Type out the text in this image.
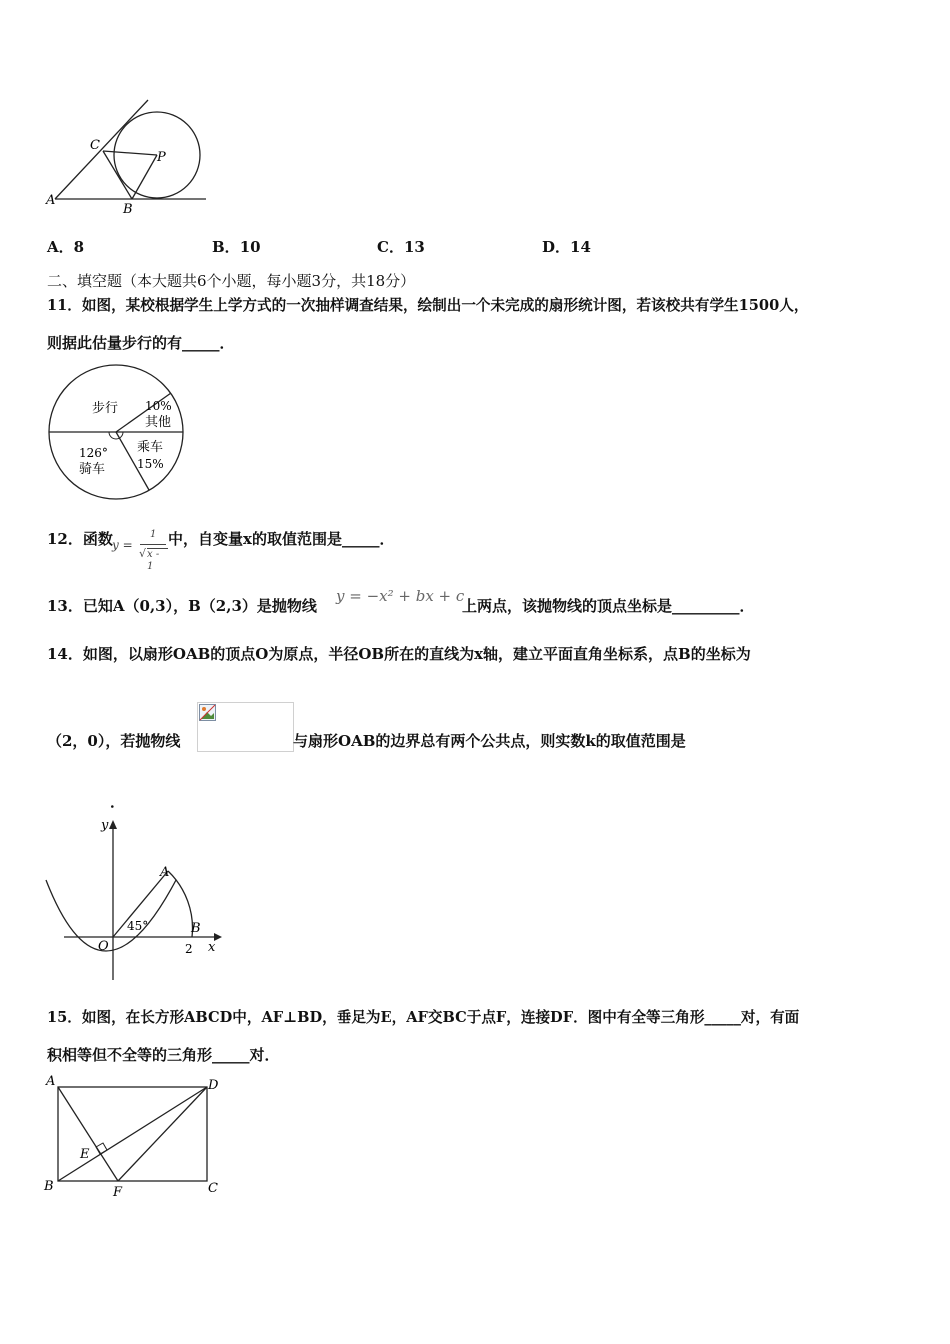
C
P
A
B
A．8	B．10	C．13	D．14
二、填空题（本大题共6个小题，每小题3分，共18分）
11．如图，某校根据学生上学方式的一次抽样调查结果，绘制出一个未完成的扇形统计图，若该校共有学生1500人，
则据此估量步行的有_____．
步行 10%
其他
乘车
15%
126°
骑车
12．函数 y =
1
√ x - 1
中，自变量x的取值范围是_____．
13．已知A（0,3），B（2,3）是抛物线
y = −x² + bx + c
上两点，该抛物线的顶点坐标是_________．
14．如图，以扇形OAB的顶点O为原点，半径OB所在的直线为x轴，建立平面直角坐标系，点B的坐标为
（2，0），若抛物线	与扇形OAB的边界总有两个公共点，则实数k的取值范围是
．
y
x
O
A
B
45°
2
15．如图，在长方形ABCD中，AF⊥BD，垂足为E，AF交BC于点F，连接DF．图中有全等三角形_____对，有面
积相等但不全等的三角形_____对．
A	D
B	C
E
F
